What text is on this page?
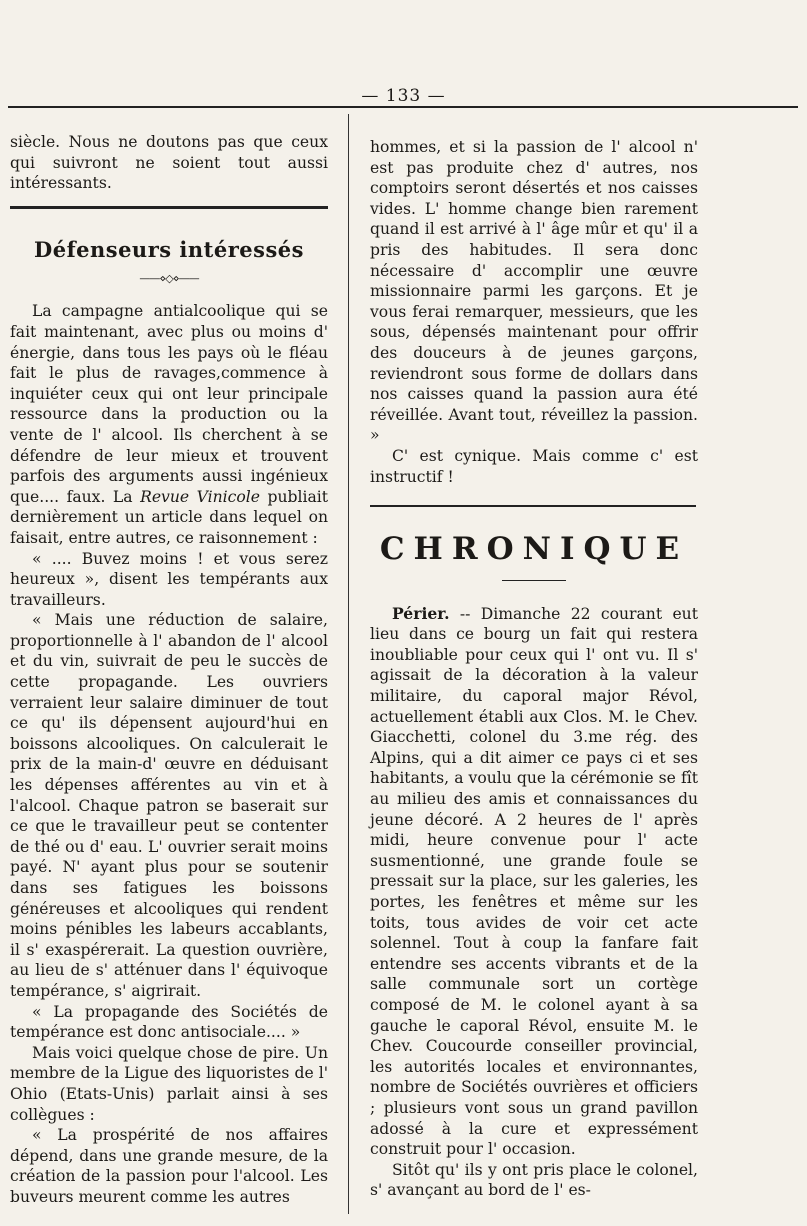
— 133 —

siècle. Nous ne doutons pas que ceux qui suivront ne soient tout aussi intéressants.

Défenseurs intéressés
——⋄◇⋄——

La campagne antialcoolique qui se fait maintenant, avec plus ou moins d' énergie, dans tous les pays où le fléau fait le plus de ravages,commence à inquiéter ceux qui ont leur principale ressource dans la production ou la vente de l' alcool. Ils cherchent à se défendre de leur mieux et trouvent parfois des arguments aussi ingénieux que.... faux. La Revue Vinicole publiait dernièrement un article dans lequel on faisait, entre autres, ce raisonnement :

« .... Buvez moins ! et vous serez heureux », disent les tempérants aux travailleurs.

« Mais une réduction de salaire, proportionnelle à l' abandon de l' alcool et du vin, suivrait de peu le succès de cette propagande. Les ouvriers verraient leur salaire diminuer de tout ce qu' ils dépensent aujourd'hui en boissons alcooliques. On calculerait le prix de la main-d' œuvre en déduisant les dépenses afférentes au vin et à l'alcool. Chaque patron se baserait sur ce que le travailleur peut se contenter de thé ou d' eau. L' ouvrier serait moins payé. N' ayant plus pour se soutenir dans ses fatigues les boissons généreuses et alcooliques qui rendent moins pénibles les labeurs accablants, il s' exaspérerait. La question ouvrière, au lieu de s' atténuer dans l' équivoque tempérance, s' aigrirait.

« La propagande des Sociétés de tempérance est donc antisociale.... »

Mais voici quelque chose de pire. Un membre de la Ligue des liquoristes de l' Ohio (Etats-Unis) parlait ainsi à ses collègues :

« La prospérité de nos affaires dépend, dans une grande mesure, de la création de la passion pour l'alcool. Les buveurs meurent comme les autres

hommes, et si la passion de l' alcool n' est pas produite chez d' autres, nos comptoirs seront désertés et nos caisses vides. L' homme change bien rarement quand il est arrivé à l' âge mûr et qu' il a pris des habitudes. Il sera donc nécessaire d' accomplir une œuvre missionnaire parmi les garçons. Et je vous ferai remarquer, messieurs, que les sous, dépensés maintenant pour offrir des douceurs à de jeunes garçons, reviendront sous forme de dollars dans nos caisses quand la passion aura été réveillée. Avant tout, réveillez la passion. »

C' est cynique. Mais comme c' est instructif !

CHRONIQUE

Périer. -- Dimanche 22 courant eut lieu dans ce bourg un fait qui restera inoubliable pour ceux qui l' ont vu. Il s' agissait de la décoration à la valeur militaire, du caporal major Révol, actuellement établi aux Clos. M. le Chev. Giacchetti, colonel du 3.me rég. des Alpins, qui a dit aimer ce pays ci et ses habitants, a voulu que la cérémonie se fît au milieu des amis et connaissances du jeune décoré. A 2 heures de l' après midi, heure convenue pour l' acte susmentionné, une grande foule se pressait sur la place, sur les galeries, les portes, les fenêtres et même sur les toits, tous avides de voir cet acte solennel. Tout à coup la fanfare fait entendre ses accents vibrants et de la salle communale sort un cortège composé de M. le colonel ayant à sa gauche le caporal Révol, ensuite M. le Chev. Coucourde conseiller provincial, les autorités locales et environnantes, nombre de Sociétés ouvrières et officiers ; plusieurs vont sous un grand pavillon adossé à la cure et expressément construit pour l' occasion.

Sitôt qu' ils y ont pris place le colonel, s' avançant au bord de l' es-
